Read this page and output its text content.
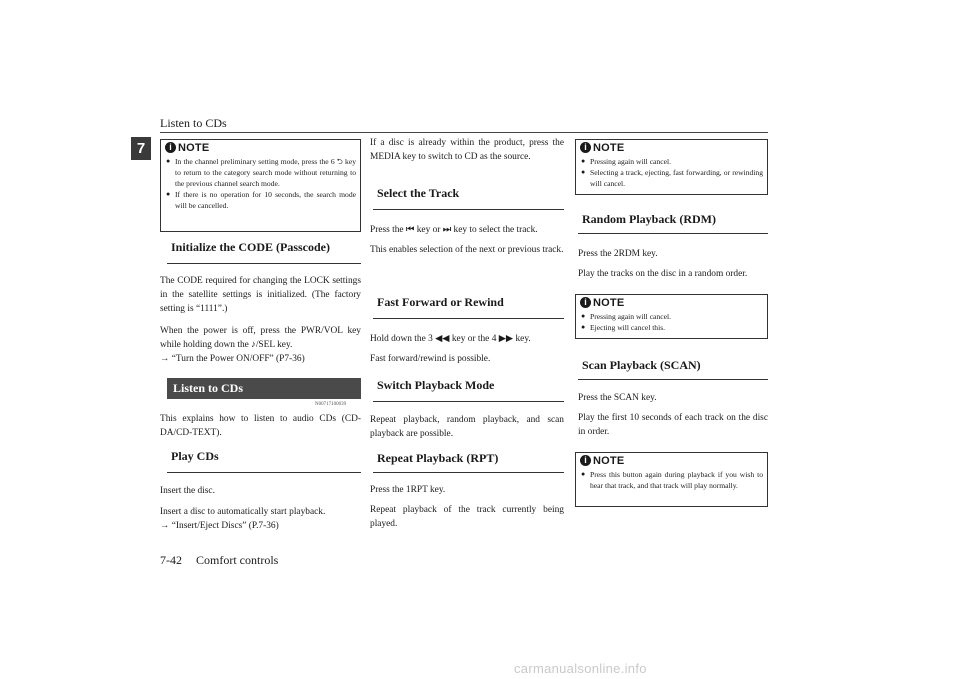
Listen to CDs
7	i NOTE
● In the channel preliminary setting mode, press the 6 ⮌ key to return to the category search mode without returning to the previous channel search mode.
● If there is no operation for 10 seconds, the search mode will be cancelled.
Initialize the CODE (Passcode)

The CODE required for changing the LOCK settings in the satellite settings is initialized. (The factory setting is “1111”.)

When the power is off, press the PWR/VOL key while holding down the ♪/SEL key.

→ “Turn the Power ON/OFF” (P7-36)

Listen to CDs
N00717100039

This explains how to listen to audio CDs (CD-DA/CD-TEXT).

Play CDs

Insert the disc.

Insert a disc to automatically start playback.

→ “Insert/Eject Discs” (P.7-36)

If a disc is already within the product, press the MEDIA key to switch to CD as the source.

Select the Track

Press the ⏮ key or ⏭ key to select the track.

This enables selection of the next or previous track.

Fast Forward or Rewind

Hold down the 3 ◀◀ key or the 4 ▶▶ key.

Fast forward/rewind is possible.

Switch Playback Mode

Repeat playback, random playback, and scan playback are possible.

Repeat Playback (RPT)

Press the 1RPT key.

Repeat playback of the track currently being played.

i NOTE
● Pressing again will cancel.
● Selecting a track, ejecting, fast forwarding, or rewinding will cancel.
Random Playback (RDM)

Press the 2RDM key.

Play the tracks on the disc in a random order.

i NOTE
● Pressing again will cancel.
● Ejecting will cancel this.
Scan Playback (SCAN)

Press the SCAN key.

Play the first 10 seconds of each track on the disc in order.

i NOTE
● Press this button again during playback if you wish to hear that track, and that track will play normally.
7-42 Comfort controls
carmanualsonline.info
